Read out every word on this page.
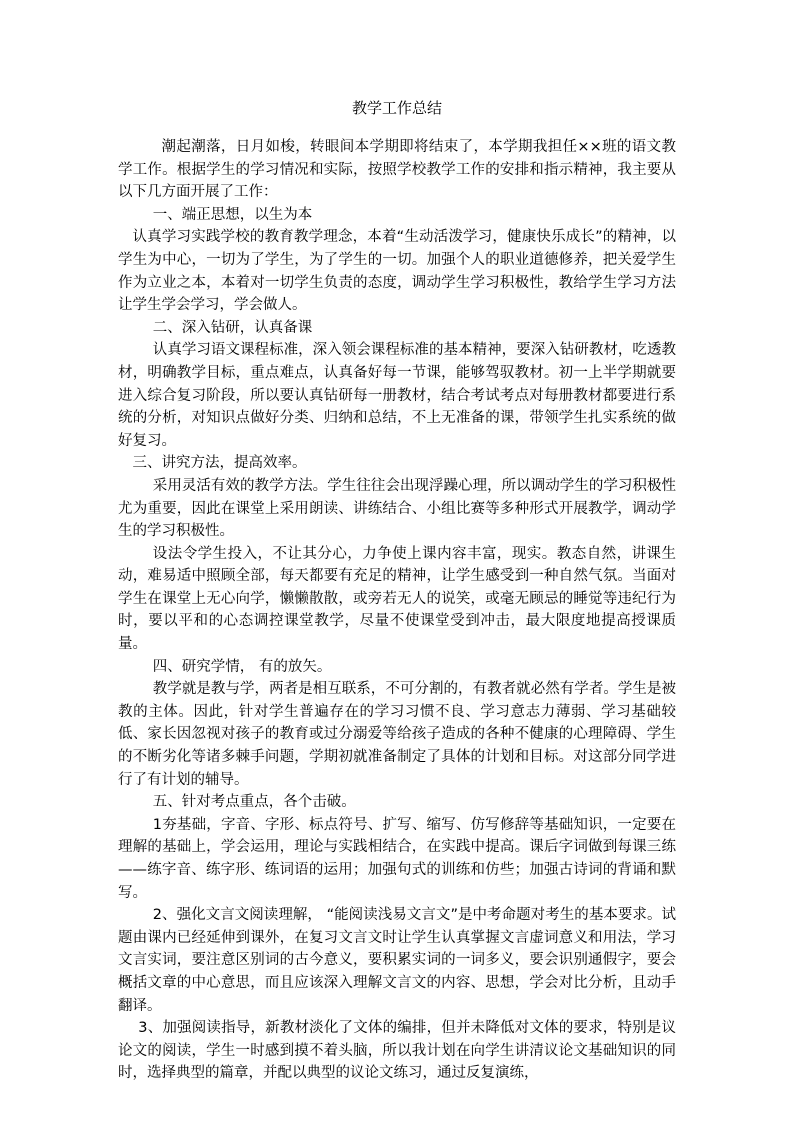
教学工作总结

潮起潮落，日月如梭，转眼间本学期即将结束了，本学期我担任××班的语文教学工作。根据学生的学习情况和实际，按照学校教学工作的安排和指示精神，我主要从以下几方面开展了工作：

一、端正思想，以生为本

认真学习实践学校的教育教学理念，本着“生动活泼学习，健康快乐成长”的精神，以学生为中心，一切为了学生，为了学生的一切。加强个人的职业道德修养，把关爱学生作为立业之本，本着对一切学生负责的态度，调动学生学习积极性，教给学生学习方法让学生学会学习，学会做人。

二、深入钻研，认真备课

认真学习语文课程标准，深入领会课程标准的基本精神，要深入钻研教材，吃透教材，明确教学目标，重点难点，认真备好每一节课，能够驾驭教材。初一上半学期就要进入综合复习阶段，所以要认真钻研每一册教材，结合考试考点对每册教材都要进行系统的分析，对知识点做好分类、归纳和总结，不上无准备的课，带领学生扎实系统的做好复习。

三、讲究方法，提高效率。

采用灵活有效的教学方法。学生往往会出现浮躁心理，所以调动学生的学习积极性尤为重要，因此在课堂上采用朗读、讲练结合、小组比赛等多种形式开展教学，调动学生的学习积极性。

设法令学生投入，不让其分心，力争使上课内容丰富，现实。教态自然，讲课生动，难易适中照顾全部，每天都要有充足的精神，让学生感受到一种自然气氛。当面对学生在课堂上无心向学，懒懒散散，或旁若无人的说笑，或毫无顾忌的睡觉等违纪行为时，要以平和的心态调控课堂教学，尽量不使课堂受到冲击，最大限度地提高授课质量。

四、研究学情， 有的放矢。

教学就是教与学，两者是相互联系，不可分割的，有教者就必然有学者。学生是被教的主体。因此，针对学生普遍存在的学习习惯不良、学习意志力薄弱、学习基础较低、家长因忽视对孩子的教育或过分溺爱等给孩子造成的各种不健康的心理障碍、学生的不断劣化等诸多棘手问题，学期初就准备制定了具体的计划和目标。对这部分同学进行了有计划的辅导。

五、针对考点重点，各个击破。

1夯基础，字音、字形、标点符号、扩写、缩写、仿写修辞等基础知识，一定要在理解的基础上，学会运用，理论与实践相结合，在实践中提高。课后字词做到每课三练——练字音、练字形、练词语的运用；加强句式的训练和仿些；加强古诗词的背诵和默写。

2、强化文言文阅读理解， “能阅读浅易文言文”是中考命题对考生的基本要求。试题由课内已经延伸到课外，在复习文言文时让学生认真掌握文言虚词意义和用法，学习文言实词，要注意区别词的古今意义，要积累实词的一词多义，要会识别通假字，要会概括文章的中心意思，而且应该深入理解文言文的内容、思想，学会对比分析，且动手翻译。

3、加强阅读指导，新教材淡化了文体的编排，但并未降低对文体的要求，特别是议论文的阅读，学生一时感到摸不着头脑，所以我计划在向学生讲清议论文基础知识的同时，选择典型的篇章，并配以典型的议论文练习，通过反复演练，
